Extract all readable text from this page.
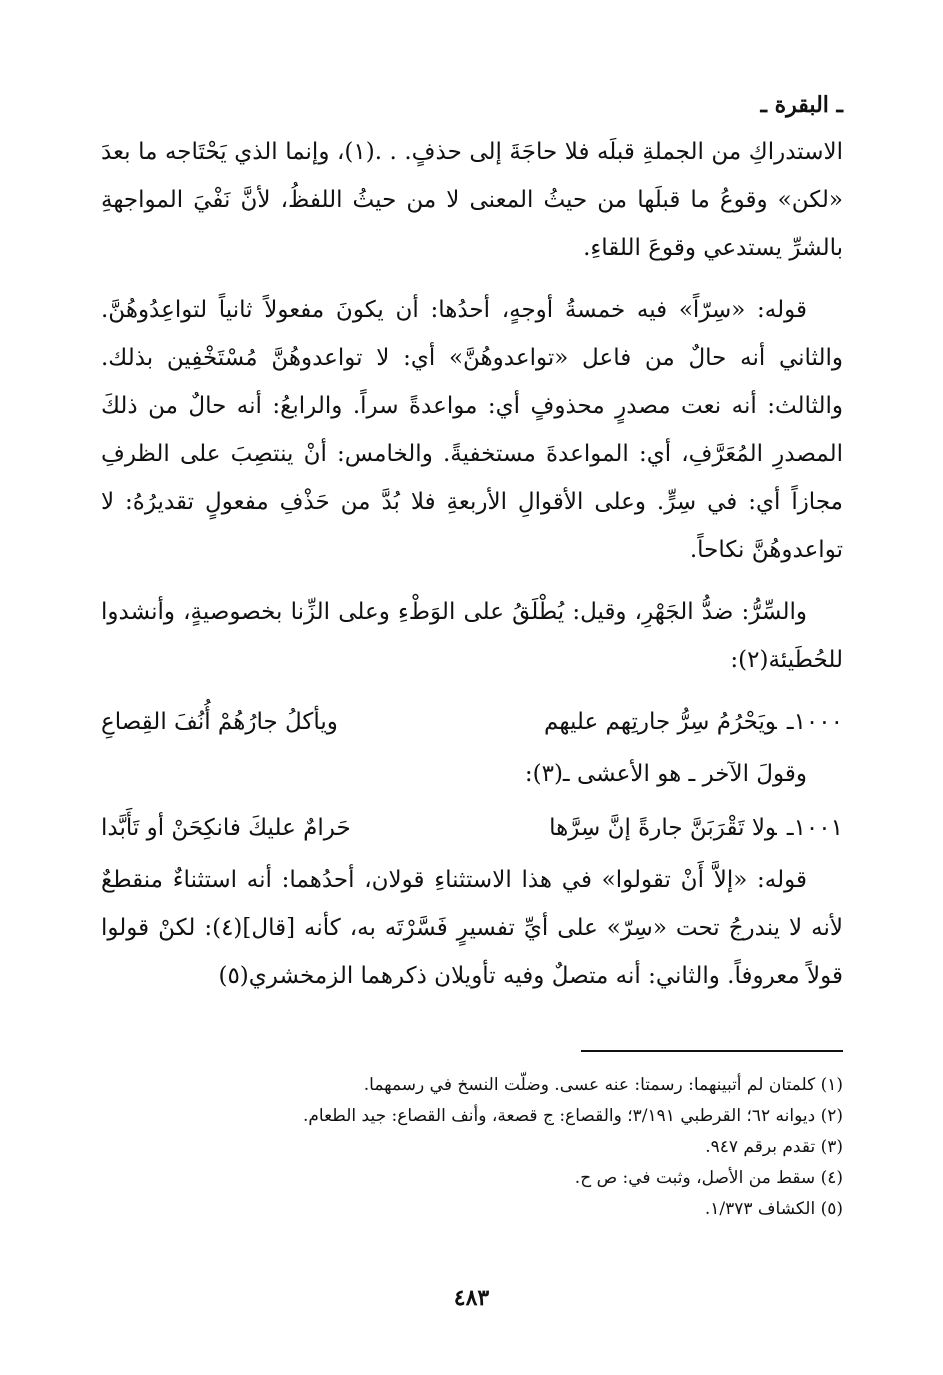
ـ البقرة ـ

الاستدراكِ من الجملةِ قبلَه فلا حاجَةَ إلى حذفٍ. . .(١)، وإنما الذي يَحْتَاجه ما بعدَ «لكن» وقوعُ ما قبلَها من حيثُ المعنى لا من حيثُ اللفظُ، لأنَّ نَفْيَ المواجهةِ بالشرِّ يستدعي وقوعَ اللقاءِ.

قوله: «سِرّاً» فيه خمسةُ أوجهٍ، أحدُها: أن يكونَ مفعولاً ثانياً لتواعِدُوهُنَّ. والثاني أنه حالٌ من فاعل «تواعدوهُنَّ» أي: لا تواعدوهُنَّ مُسْتَخْفِين بذلك. والثالث: أنه نعت مصدرٍ محذوفٍ أي: مواعدةً سراً. والرابعُ: أنه حالٌ من ذلكَ المصدرِ المُعَرَّفِ، أي: المواعدةَ مستخفيةً. والخامس: أنْ ينتصِبَ على الظرفِ مجازاً أي: في سِرٍّ. وعلى الأقوالِ الأربعةِ فلا بُدَّ من حَذْفِ مفعولٍ تقديرُهُ: لا تواعدوهُنَّ نكاحاً.

والسِّرُّ: ضدُّ الجَهْرِ، وقيل: يُطْلَقُ على الوَطْءِ وعلى الزِّنا بخصوصيةٍ، وأنشدوا للحُطَيئة(٢):

١٠٠٠ـويَحْرُمُ سِرُّ جارتِهم عليهم
ويأكلُ جارُهُمْ أُنُفَ القِصاعِ

وقولَ الآخر ـ هو الأعشى ـ(٣):

١٠٠١ـولا تَقْرَبَنَّ جارةً إنَّ سِرَّها
حَرامٌ عليكَ فانكِحَنْ أو تَأَبَّدا

قوله: «إلاَّ أَنْ تقولوا» في هذا الاستثناءِ قولان، أحدُهما: أنه استثناءٌ منقطعٌ لأنه لا يندرجُ تحت «سِرّ» على أيِّ تفسيرٍ فَسَّرْتَه به، كأنه [قال](٤): لكنْ قولوا قولاً معروفاً. والثاني: أنه متصلٌ وفيه تأويلان ذكرهما الزمخشري(٥)

(١) كلمتان لم أتبينهما: رسمتا: عنه عسى. وضلّت النسخ في رسمهما.
(٢) ديوانه ٦٢؛ القرطبي ٣/١٩١؛ والقصاع: ج قصعة، وأنف القصاع: جيد الطعام.
(٣) تقدم برقم ٩٤٧.
(٤) سقط من الأصل، وثبت في: ص ح.
(٥) الكشاف ١/٣٧٣.
٤٨٣
